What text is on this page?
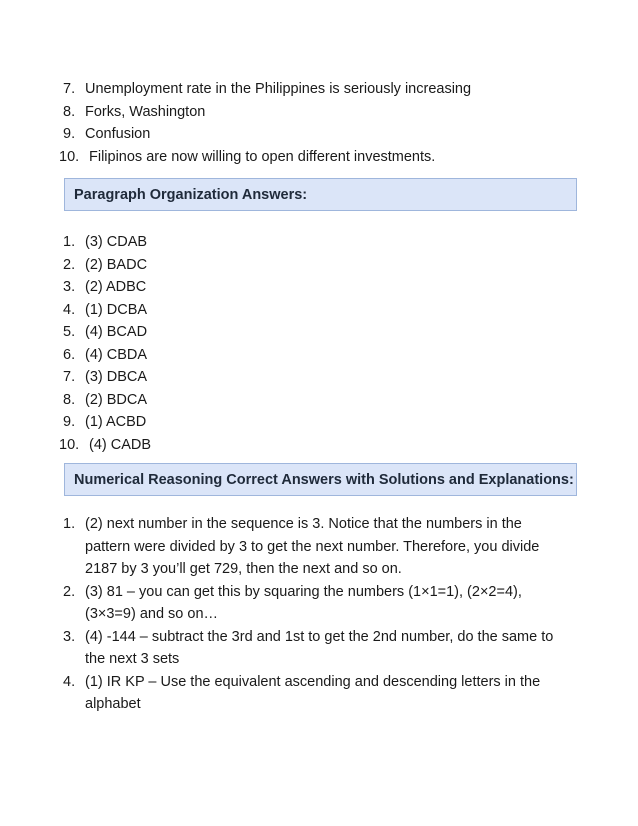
7. Unemployment rate in the Philippines is seriously increasing
8. Forks, Washington
9. Confusion
10. Filipinos are now willing to open different investments.
Paragraph Organization Answers:
1. (3) CDAB
2. (2) BADC
3. (2) ADBC
4. (1) DCBA
5. (4) BCAD
6. (4) CBDA
7. (3) DBCA
8. (2) BDCA
9. (1) ACBD
10. (4) CADB
Numerical Reasoning Correct Answers with Solutions and Explanations:
1. (2) next number in the sequence is 3. Notice that the numbers in the
pattern were divided by 3 to get the next number. Therefore, you divide
2187 by 3 you’ll get 729, then the next and so on.
2. (3) 81 – you can get this by squaring the numbers (1×1=1), (2×2=4),
(3×3=9) and so on…
3. (4) -144 – subtract the 3rd and 1st to get the 2nd number, do the same to
the next 3 sets
4. (1) IR KP – Use the equivalent ascending and descending letters in the
alphabet
